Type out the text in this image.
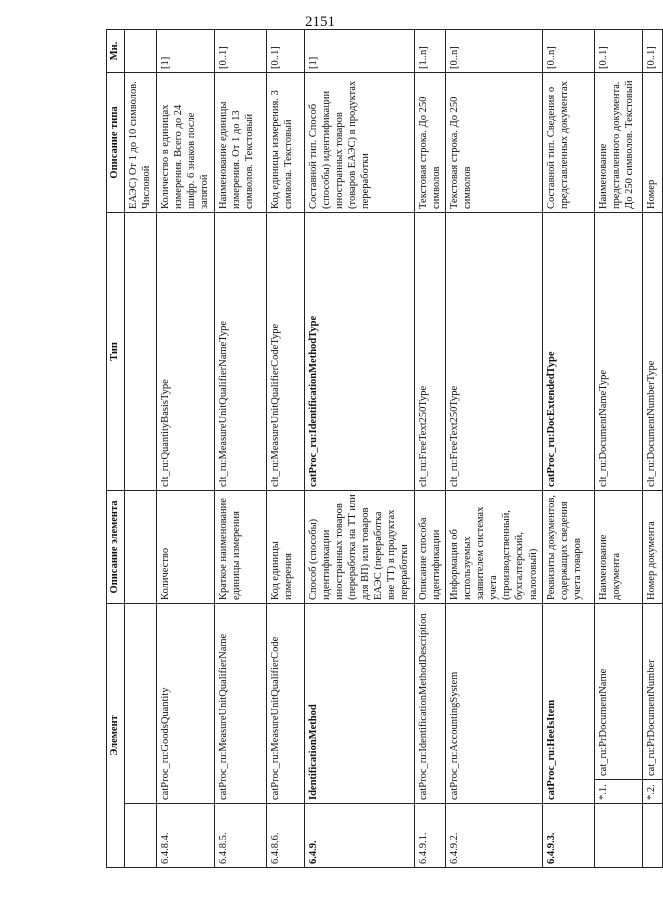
2151
Элемент			Описание элемента	Тип	Описание типа	Мн.
					ЕАЭС) От 1 до 10 символов. Числовой	
6.4.8.4.	catProc_ru:GoodsQuantity		Количество	clt_ru:QuantityBasisType	Количество в единицах измерения. Всего до 24 шифр. 6 знаков после запятой	[1]
6.4.8.5.	catProc_ru:MeasureUnitQualifierName		Краткое наименование единицы измерения	clt_ru:MeasureUnitQualifierNameType	Наименование единицы измерения. От 1 до 13 символов. Текстовый	[0..1]
6.4.8.6.	catProc_ru:MeasureUnitQualifierCode		Код единицы измерения	clt_ru:MeasureUnitQualifierCodeType	Код единицы измерения. 3 символа. Текстовый	[0..1]
6.4.9.	IdentificationMethod		Способ (способы) идентификации иностранных товаров (переработка на ТТ или для ВП) или товаров ЕАЭС (переработка вне ТТ) в продуктах переработки	catProc_ru:IdentificationMethodType	Составной тип. Способ (способы) идентификации иностранных товаров (товаров ЕАЭС) в продуктах переработки	[1]
6.4.9.1.	catProc_ru:IdentificationMethodDescription		Описание способа идентификации	clt_ru:FreeText250Type	Текстовая строка. До 250 символов	[1..n]
6.4.9.2.	catProc_ru:AccountingSystem		Информация об используемых заявителем системах учета (производственный, бухгалтерский, налоговый)	clt_ru:FreeText250Type	Текстовая строка. До 250 символов	[0..n]
6.4.9.3.	catProc_ru:HeeIsItem		Реквизиты документов, содержащих сведения учета товаров	catProc_ru:DocExtendedType	Составной тип. Сведения о представленных документах	[0..n]
	*.1.	cat_ru:PrDocumentName	Наименование документа	clt_ru:DocumentNameType	Наименование представленного документа. До 250 символов. Текстовый	[0..1]
	*.2.	cat_ru:PrDocumentNumber	Номер документа	clt_ru:DocumentNumberType	Номер	[0..1]
